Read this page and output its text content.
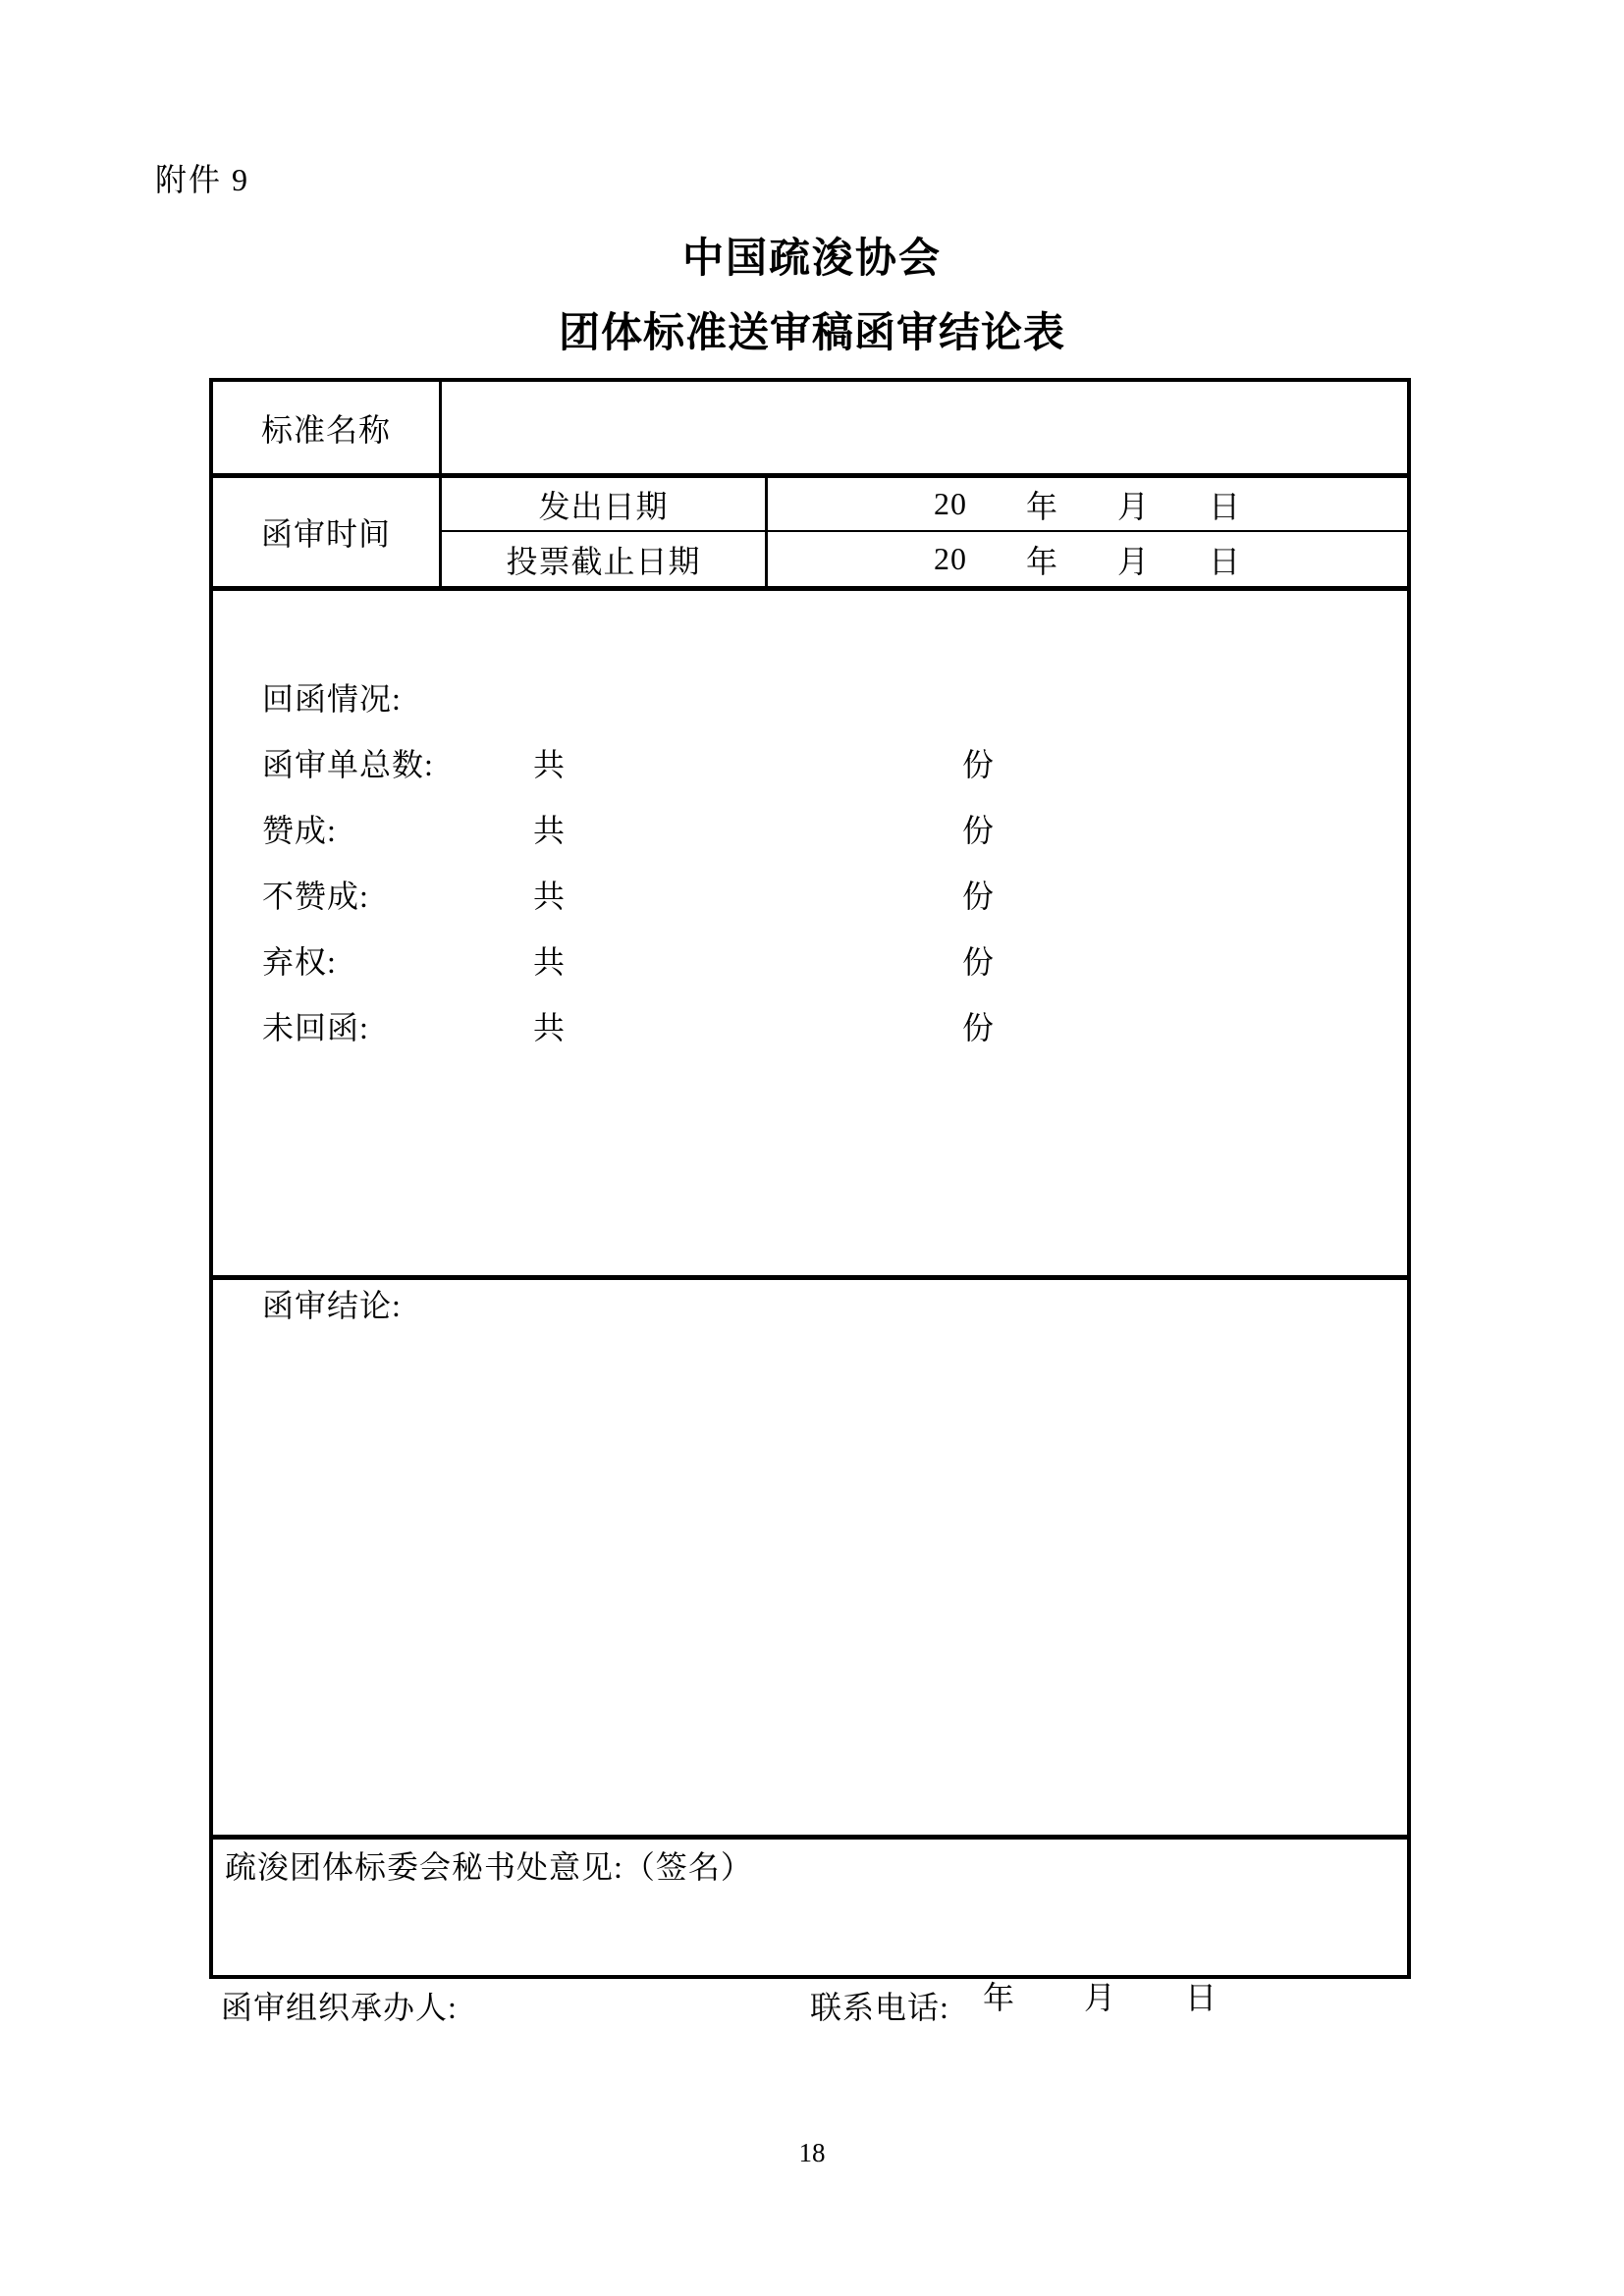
附件 9
中国疏浚协会
团体标准送审稿函审结论表
标准名称
函审时间
发出日期	20 年 月 日
投票截止日期	20 年 月 日
回函情况:
函审单总数:	共	份
赞成:	共	份
不赞成:	共	份
弃权:	共	份
未回函:	共	份
函审结论:
疏浚团体标委会秘书处意见:（签名）
年 月 日
函审组织承办人:	联系电话:
18
